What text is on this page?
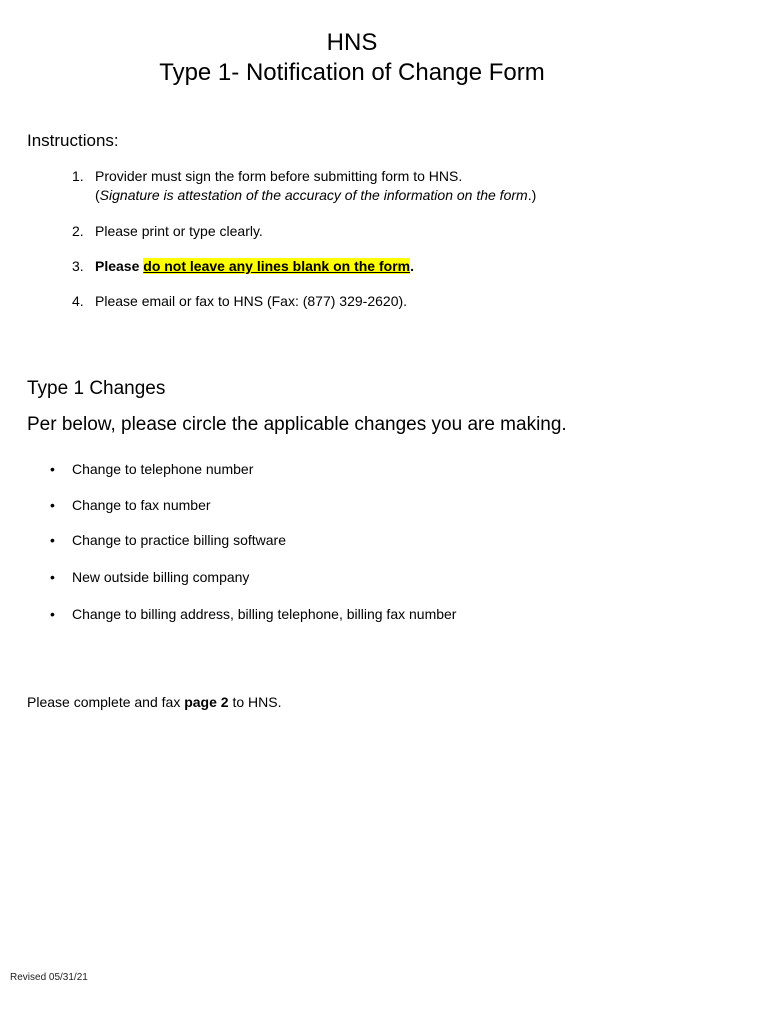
HNS
Type 1- Notification of Change Form
Instructions:
1. Provider must sign the form before submitting form to HNS.
(Signature is attestation of the accuracy of the information on the form.)
2. Please print or type clearly.
3. Please do not leave any lines blank on the form.
4. Please email or fax to HNS (Fax: (877) 329-2620).
Type 1 Changes
Per below, please circle the applicable changes you are making.
• Change to telephone number
• Change to fax number
• Change to practice billing software
• New outside billing company
• Change to billing address, billing telephone, billing fax number
Please complete and fax page 2 to HNS.
Revised 05/31/21
